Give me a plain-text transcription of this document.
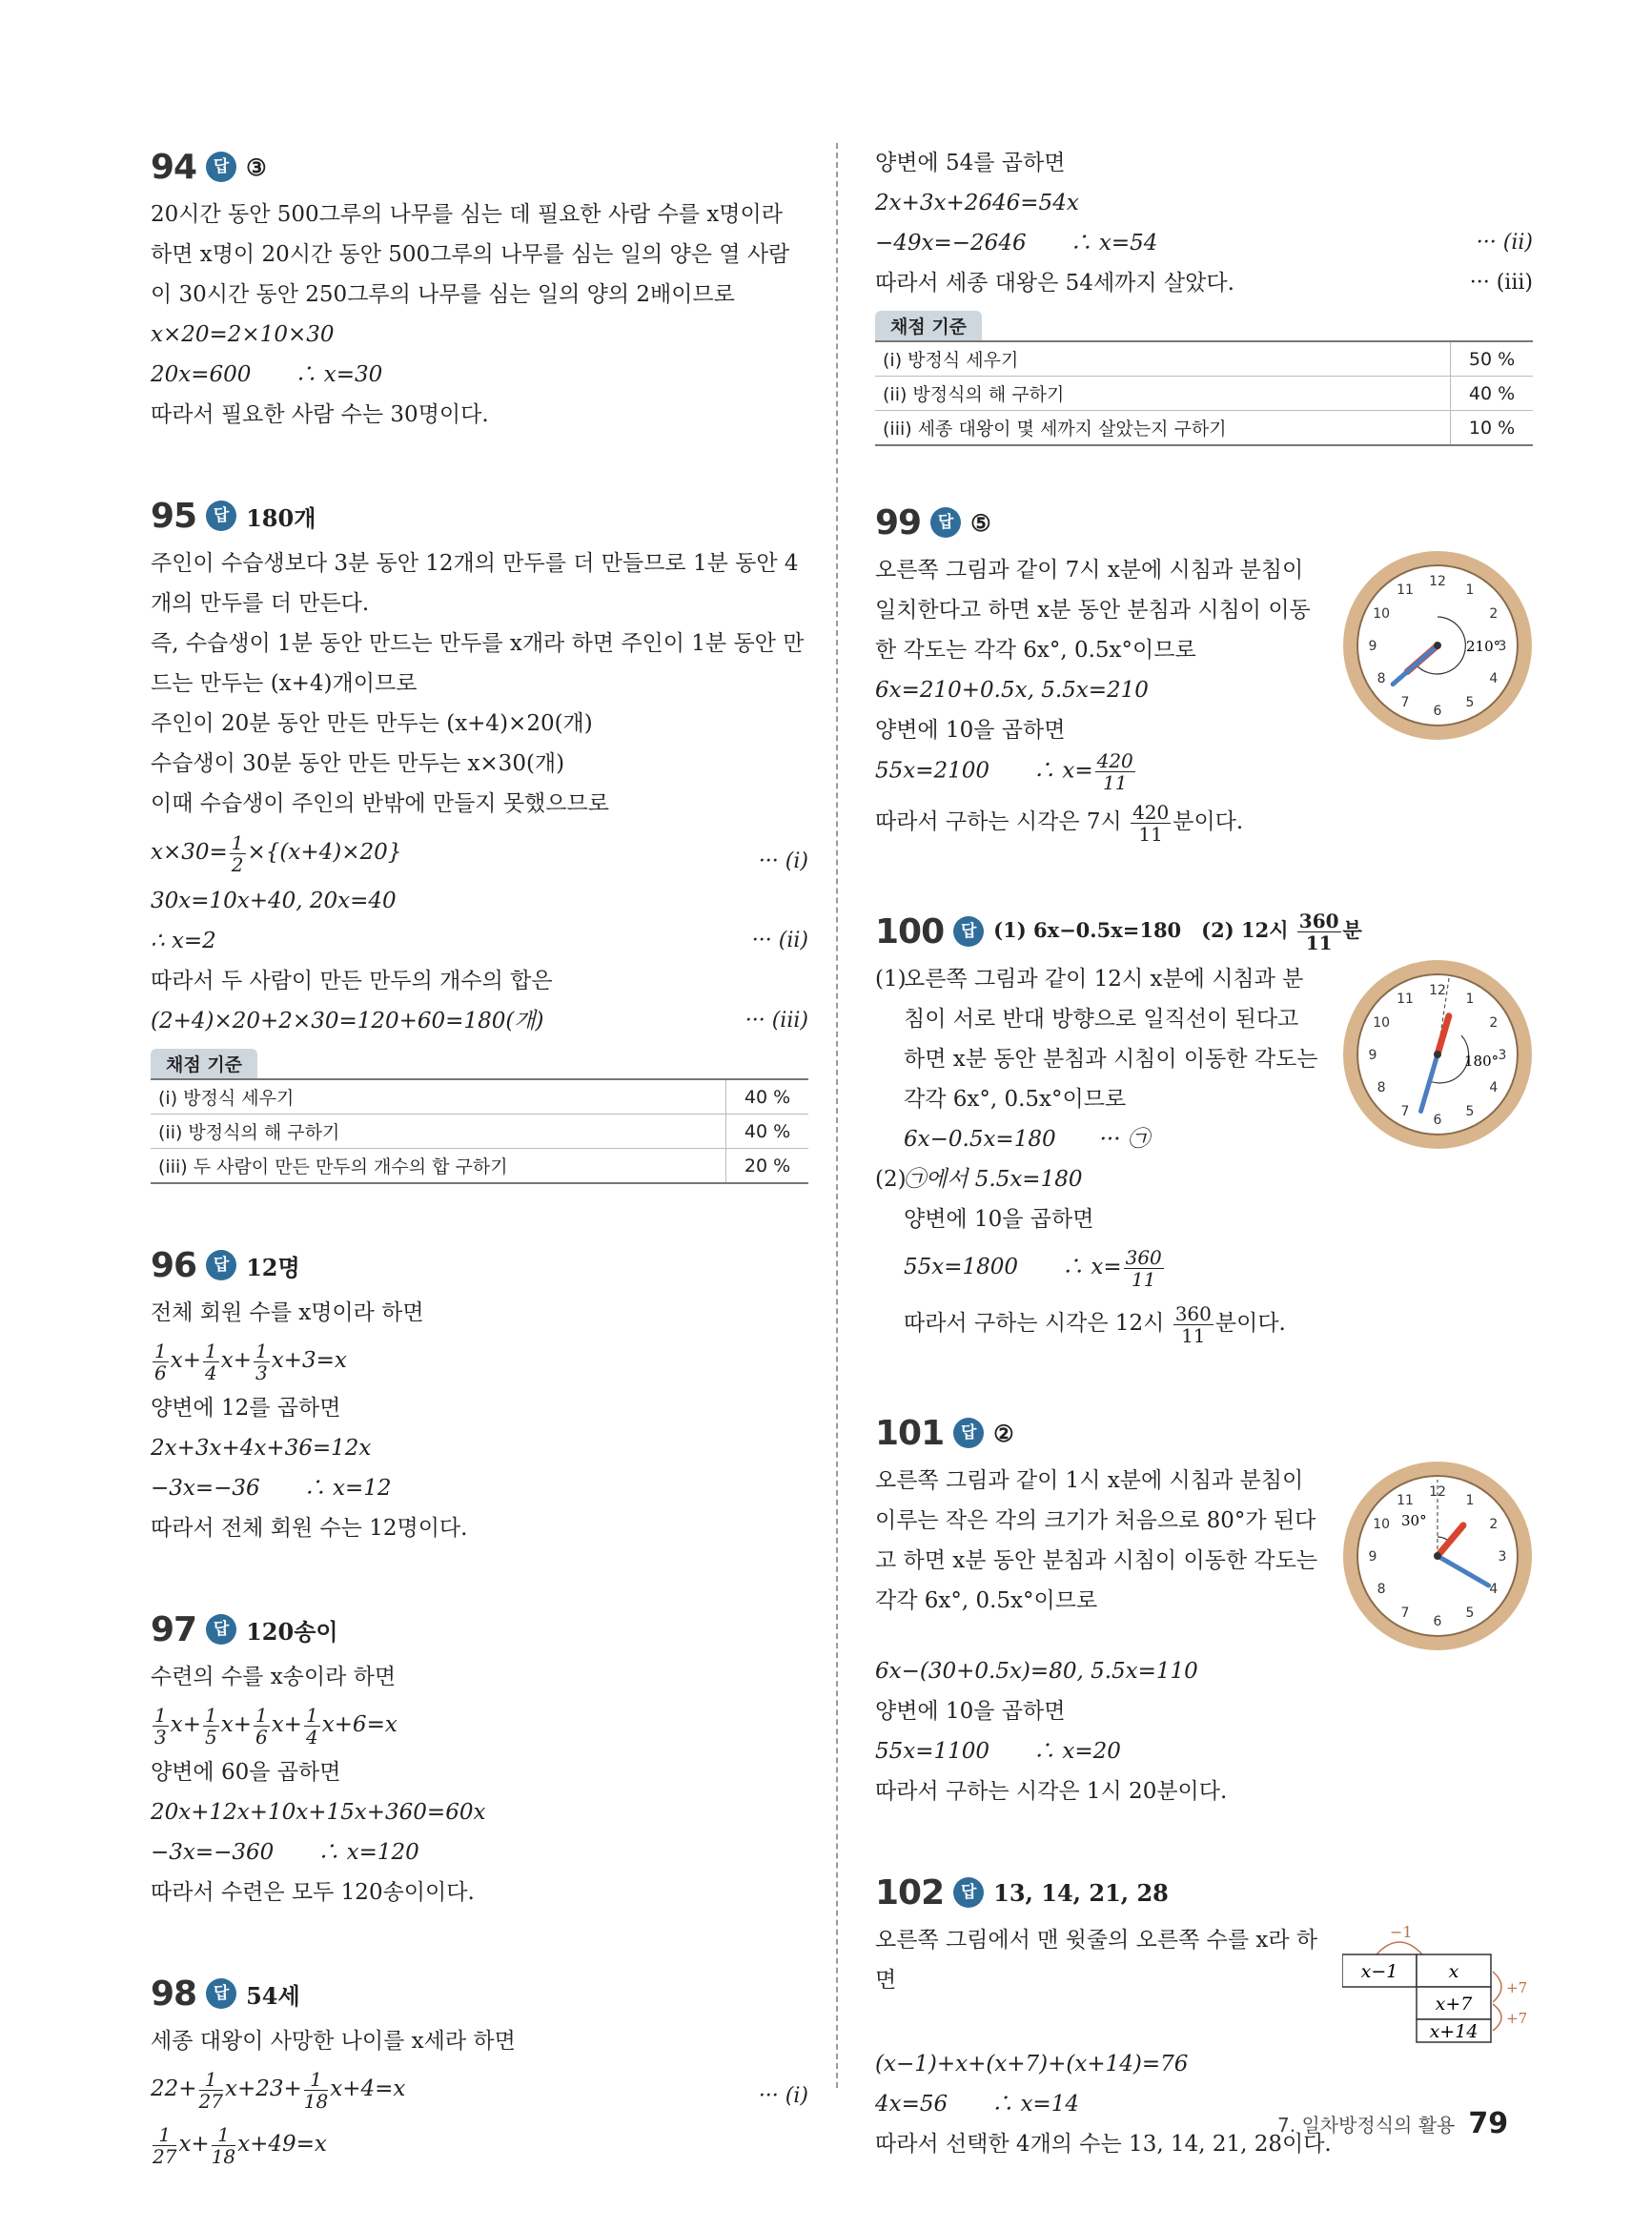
94	답 ③
20시간 동안 500그루의 나무를 심는 데 필요한 사람 수를 x명이라 하면 x명이 20시간 동안 500그루의 나무를 심는 일의 양은 열 사람이 30시간 동안 250그루의 나무를 심는 일의 양의 2배이므로
x×20=2×10×30
20x=600　　∴ x=30
따라서 필요한 사람 수는 30명이다.
95	답 180개
주인이 수습생보다 3분 동안 12개의 만두를 더 만들므로 1분 동안 4개의 만두를 더 만든다.
즉, 수습생이 1분 동안 만드는 만두를 x개라 하면 주인이 1분 동안 만드는 만두는 (x+4)개이므로
주인이 20분 동안 만든 만두는 (x+4)×20(개)
수습생이 30분 동안 만든 만두는 x×30(개)
이때 수습생이 주인의 반밖에 만들지 못했으므로
$x\times 30= \frac{1}{2} \times\{(x+4)\times 20\}$	··· (i)
30x=10x+40, 20x=40
∴ x=2	··· (ii)
따라서 두 사람이 만든 만두의 개수의 합은
(2+4)×20+2×30=120+60=180(개)	··· (iii)
채점 기준
(i) 방정식 세우기	40 %
(ii) 방정식의 해 구하기	40 %
(iii) 두 사람이 만든 만두의 개수의 합 구하기	20 %
96	답 12명
전체 회원 수를 x명이라 하면
$\frac{1}{6} x+ \frac{1}{4} x+ \frac{1}{3} x+3=x$
양변에 12를 곱하면
2x+3x+4x+36=12x
−3x=−36　　∴ x=12
따라서 전체 회원 수는 12명이다.
97	답 120송이
수련의 수를 x송이라 하면
$\frac{1}{3} x+ \frac{1}{5} x+ \frac{1}{6} x+ \frac{1}{4} x+6=x$
양변에 60을 곱하면
20x+12x+10x+15x+360=60x
−3x=−360　　∴ x=120
따라서 수련은 모두 120송이이다.
98	답 54세
세종 대왕이 사망한 나이를 x세라 하면
$22+ \frac{1}{27} x+23+ \frac{1}{18} x+4=x$	··· (i)
$\frac{1}{27} x+ \frac{1}{18} x+49=x$
양변에 54를 곱하면
2x+3x+2646=54x
−49x=−2646　　∴ x=54	··· (ii)
따라서 세종 대왕은 54세까지 살았다.	··· (iii)
채점 기준
(i) 방정식 세우기	50 %
(ii) 방정식의 해 구하기	40 %
(iii) 세종 대왕이 몇 세까지 살았는지 구하기	10 %
99	답 ⑤
오른쪽 그림과 같이 7시 x분에 시침과 분침이 일치한다고 하면 x분 동안 분침과 시침이 이동한 각도는 각각 6x°, 0.5x°이므로
6x=210+0.5x, 5.5x=210
양변에 10을 곱하면
12
1
2
3
4
5
6
7
8
9
10
11
210°
55x=2100　　∴ $x= \frac{420}{11}$
따라서 구하는 시각은 7시 $\frac{420}{11}$ 분이다.
100	답 (1) 6x−0.5x=180　 (2) 12시 $\frac{360}{11}$ 분
(1)
오른쪽 그림과 같이 12시 x분에 시침과 분침이 서로 반대 방향으로 일직선이 된다고 하면 x분 동안 분침과 시침이 이동한 각도는 각각 6x°, 0.5x°이므로
6x−0.5x=180　　··· ㉠
12
1
2
3
4
5
6
7
8
9
10
11
180°
(2)
㉠에서 5.5x=180
양변에 10을 곱하면
55x=1800　　∴ $x= \frac{360}{11}$
따라서 구하는 시각은 12시 $\frac{360}{11}$ 분이다.
101	답 ②
오른쪽 그림과 같이 1시 x분에 시침과 분침이 이루는 작은 각의 크기가 처음으로 80°가 된다고 하면 x분 동안 분침과 시침이 이동한 각도는 각각 6x°, 0.5x°이므로
12
1
2
3
4
5
6
7
8
9
10
11
30°
6x−(30+0.5x)=80, 5.5x=110
양변에 10을 곱하면
55x=1100　　∴ x=20
따라서 구하는 시각은 1시 20분이다.
102	답 13, 14, 21, 28
오른쪽 그림에서 맨 윗줄의 오른쪽 수를 x라 하면
−1
x−1	x
x+7
x+14
+7
+7
(x−1)+x+(x+7)+(x+14)=76
4x=56　　∴ x=14
따라서 선택한 4개의 수는 13, 14, 21, 28이다.
7. 일차방정식의 활용 79
